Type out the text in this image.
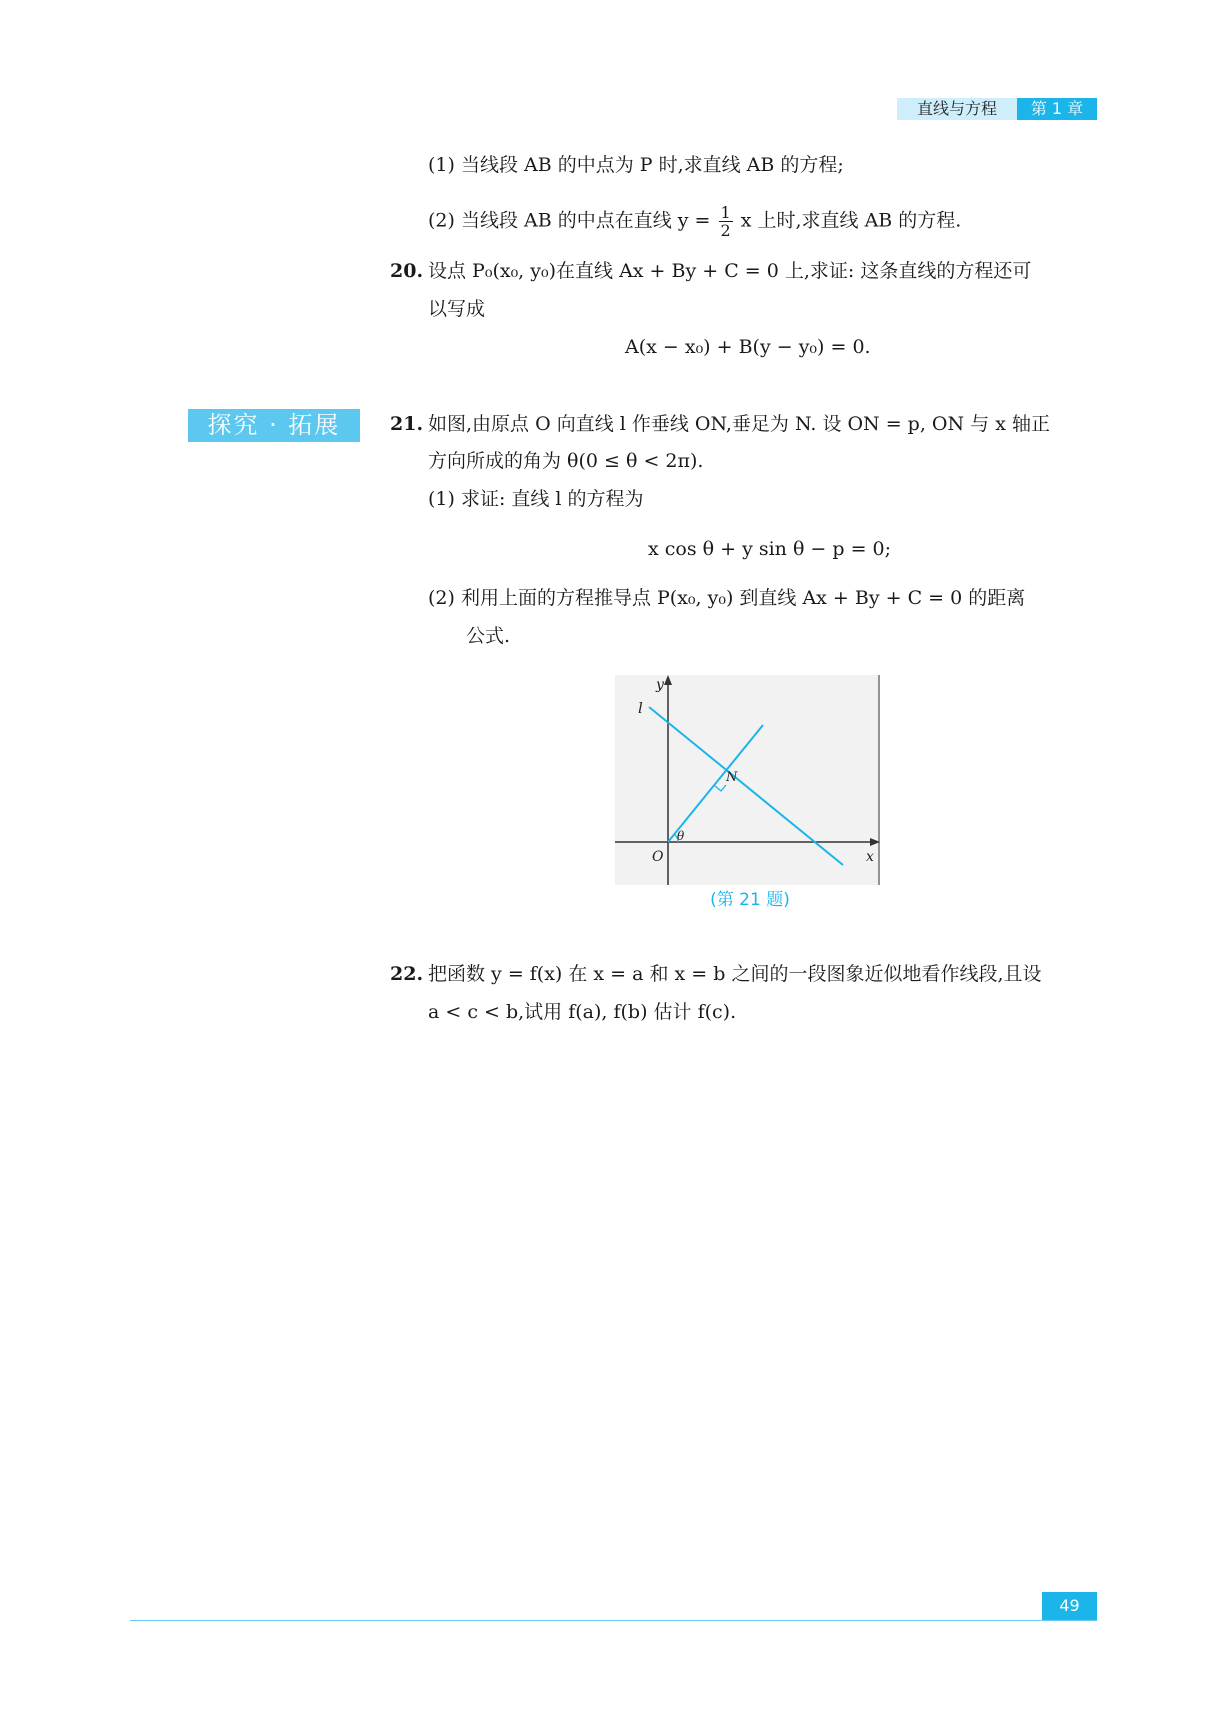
直线与方程	第 1 章
(1) 当线段 AB 的中点为 P 时,求直线 AB 的方程;
(2) 当线段 AB 的中点在直线 $y = \frac{1}{2}$ x 上时,求直线 AB 的方程.
20. 设点 P₀(x₀, y₀)在直线 Ax + By + C = 0 上,求证: 这条直线的方程还可
以写成
A(x − x₀) + B(y − y₀) = 0.
探究 · 拓展	21. 如图,由原点 O 向直线 l 作垂线 ON,垂足为 N. 设 ON = p, ON 与 x 轴正
方向所成的角为 θ(0 ≤ θ < 2π).
(1) 求证: 直线 l 的方程为
x cos θ + y sin θ − p = 0;
(2) 利用上面的方程推导点 P(x₀, y₀) 到直线 Ax + By + C = 0 的距离
公式.
y
l
N
θ
O	x
(第 21 题)
22. 把函数 y = f(x) 在 x = a 和 x = b 之间的一段图象近似地看作线段,且设
a < c < b,试用 f(a), f(b) 估计 f(c).
49
